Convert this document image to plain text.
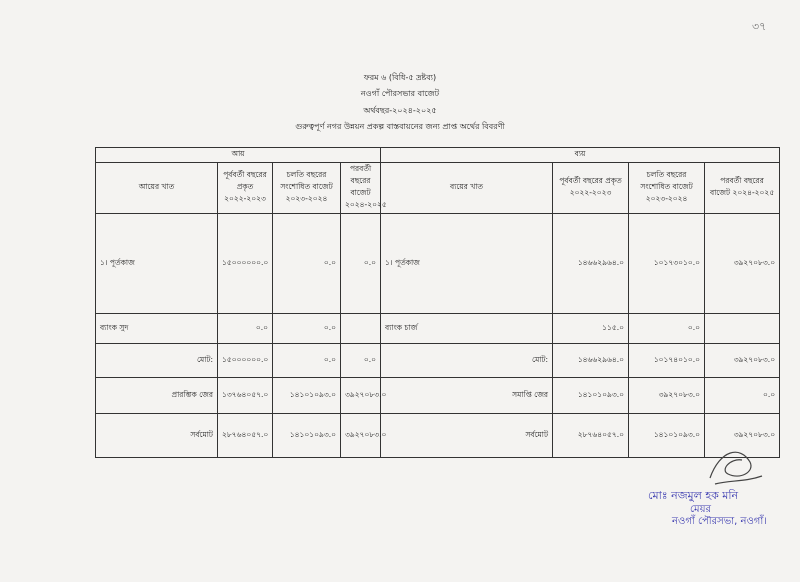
৩৭
ফরম ৬ (বিধি-৫ দ্রষ্টব্য)
নওগাঁ পৌরসভার বাজেট
অর্থবছর-২০২৪-২০২৫
গুরুত্বপূর্ণ নগর উন্নয়ন প্রকল্প বাস্তবায়নের জন্য প্রাপ্ত অর্থের বিবরণী
আয়				ব্যয়			
আয়ের খাত	পূর্ববর্তী বছরের প্রকৃত ২০২২-২০২৩	চলতি বছরের সংশোধিত বাজেট ২০২৩-২০২৪	পরবর্তী বছরের বাজেট ২০২৪-২০২৫	ব্যয়ের খাত	পূর্ববর্তী বছরের প্রকৃত ২০২২-২০২৩	চলতি বছরের সংশোধিত বাজেট ২০২৩-২০২৪	পরবর্তী বছরের বাজেট ২০২৪-২০২৫
১। পূর্তকাজ	১৫০০০০০০.০	০.০	০.০	১। পূর্তকাজ	১৪৬৬২৯৬৪.০	১০১৭৩০১০.০	৩৯২৭০৮৩.০
ব্যাংক সুদ	০.০	০.০		ব্যাংক চার্জ	১১৫.০	০.০	
মোট:	১৫০০০০০০.০	০.০	০.০	মোট:	১৪৬৬২৯৬৪.০	১০১৭৪০১০.০	৩৯২৭০৮৩.০
প্রারম্ভিক জের	১৩৭৬৪০৫৭.০	১৪১০১০৯৩.০	৩৯২৭০৮৩.০	সমাপ্তি জের	১৪১০১০৯৩.০	৩৯২৭০৮৩.০	০.০
সর্বমোট	২৮৭৬৪০৫৭.০	১৪১০১০৯৩.০	৩৯২৭০৮৩.০	সর্বমোট	২৮৭৬৪০৫৭.০	১৪১০১০৯৩.০	৩৯২৭০৮৩.০
মোঃ নজমুল হক মনি
মেয়র
নওগাঁ পৌরসভা, নওগাঁ।
